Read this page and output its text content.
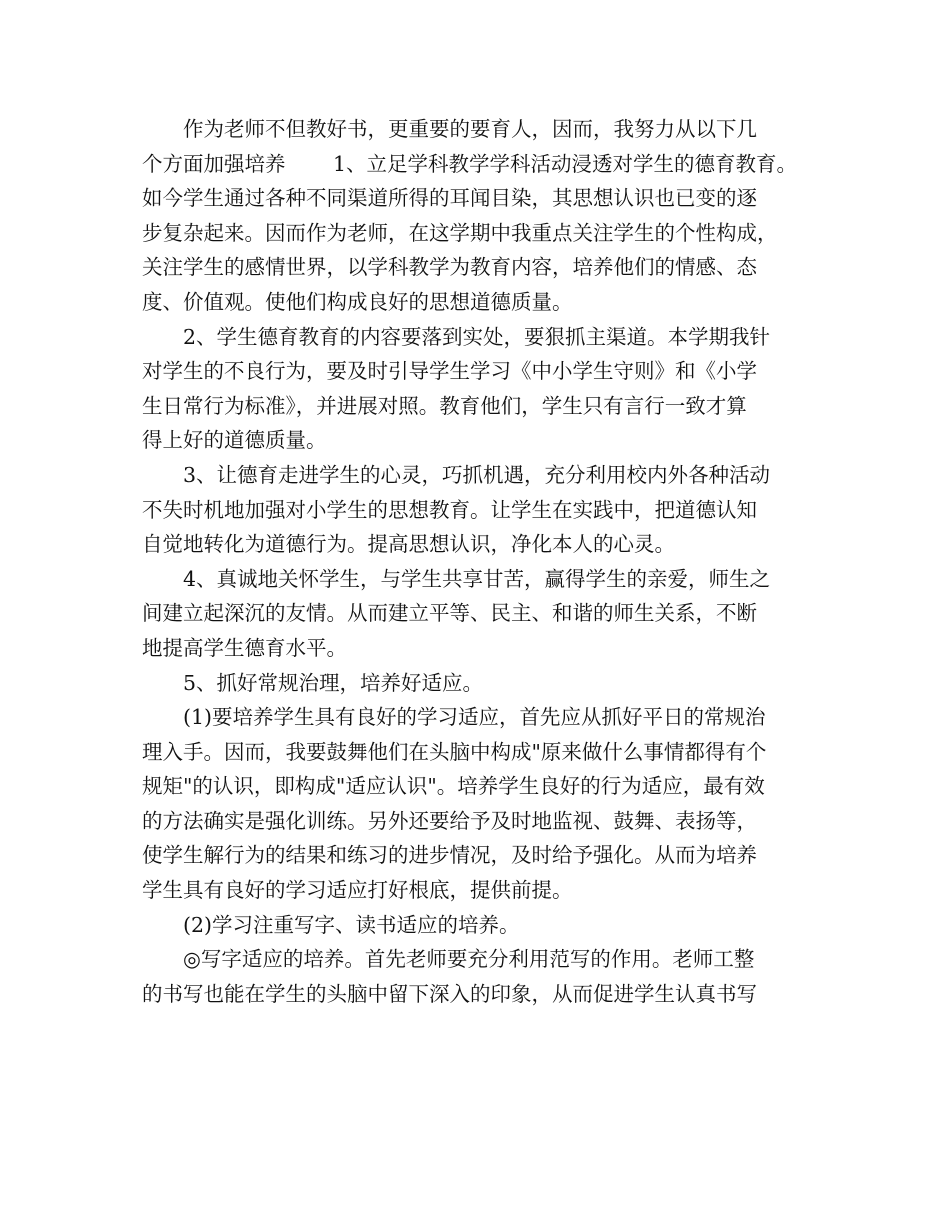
　　作为老师不但教好书，更重要的要育人，因而，我努力从以下几
个方面加强培养　　 1、立足学科教学学科活动浸透对学生的德育教育。
如今学生通过各种不同渠道所得的耳闻目染，其思想认识也已变的逐
步复杂起来。因而作为老师，在这学期中我重点关注学生的个性构成，
关注学生的感情世界，以学科教学为教育内容，培养他们的情感、态
度、价值观。使他们构成良好的思想道德质量。
　　2、学生德育教育的内容要落到实处，要狠抓主渠道。本学期我针
对学生的不良行为，要及时引导学生学习《中小学生守则》和《小学
生日常行为标准》，并进展对照。教育他们，学生只有言行一致才算
得上好的道德质量。
　　3、让德育走进学生的心灵，巧抓机遇，充分利用校内外各种活动
不失时机地加强对小学生的思想教育。让学生在实践中，把道德认知
自觉地转化为道德行为。提高思想认识，净化本人的心灵。
　　4、真诚地关怀学生，与学生共享甘苦，赢得学生的亲爱，师生之
间建立起深沉的友情。从而建立平等、民主、和谐的师生关系，不断
地提高学生德育水平。
　　5、抓好常规治理，培养好适应。
　　(1)要培养学生具有良好的学习适应，首先应从抓好平日的常规治
理入手。因而，我要鼓舞他们在头脑中构成"原来做什么事情都得有个
规矩"的认识，即构成"适应认识"。培养学生良好的行为适应，最有效
的方法确实是强化训练。另外还要给予及时地监视、鼓舞、表扬等，
使学生解行为的结果和练习的进步情况，及时给予强化。从而为培养
学生具有良好的学习适应打好根底，提供前提。
　　(2)学习注重写字、读书适应的培养。
　　◎写字适应的培养。首先老师要充分利用范写的作用。老师工整
的书写也能在学生的头脑中留下深入的印象，从而促进学生认真书写
